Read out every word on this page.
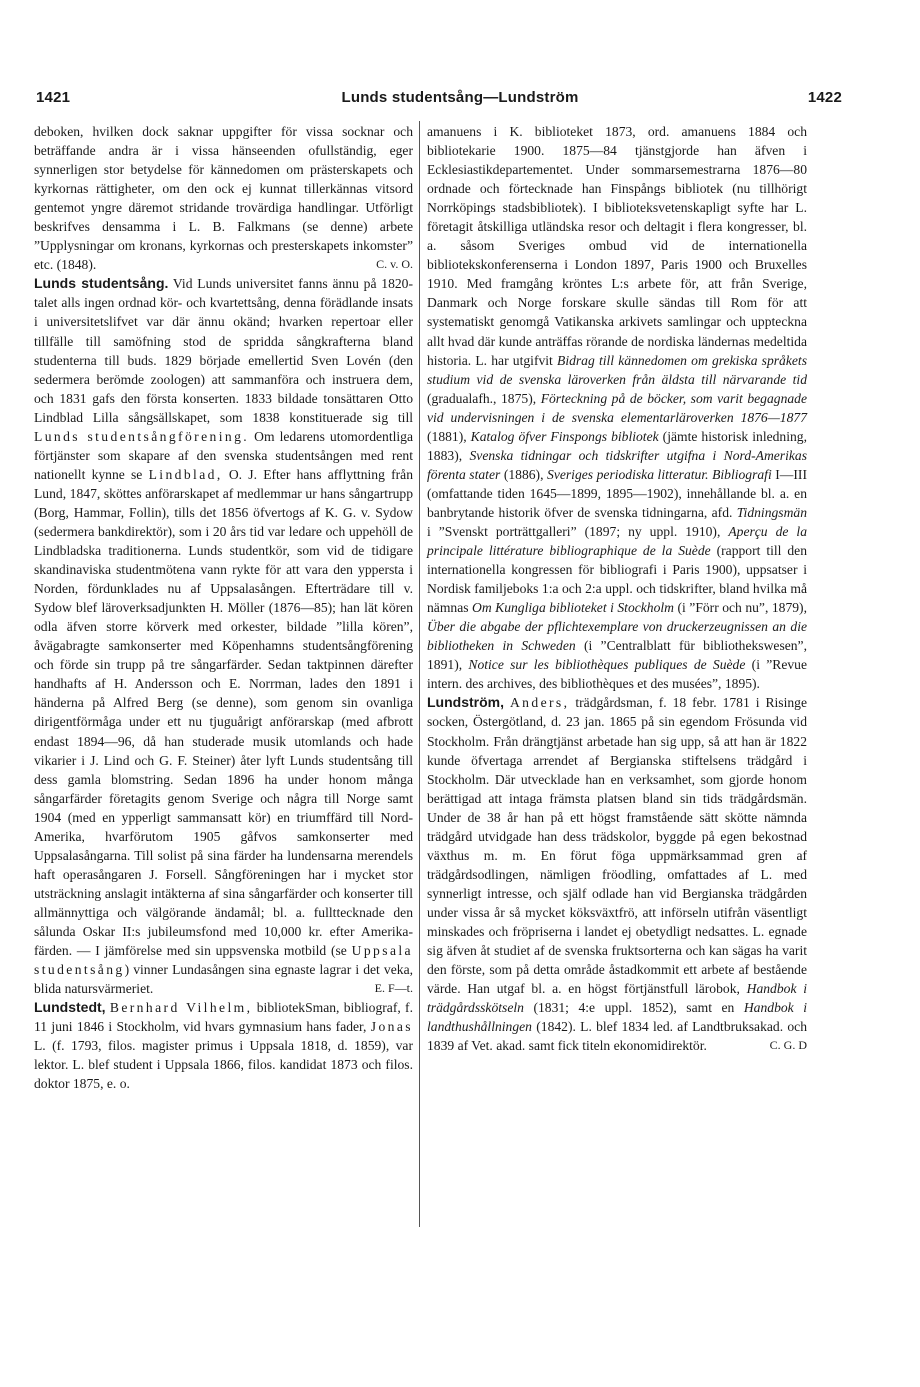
1421	Lunds studentsång—Lundström	1422

deboken, hvilken dock saknar uppgifter för vissa socknar och beträffande andra är i vissa hänseenden ofullständig, eger synnerligen stor betydelse för kännedomen om prästerskapets och kyrkornas rättigheter, om den ock ej kunnat tillerkännas vitsord gentemot yngre däremot stridande trovärdiga handlingar. Utförligt beskrifves densamma i L. B. Falkmans (se denne) arbete ”Upplysningar om kronans, kyrkornas och presterskapets inkomster” etc. (1848).	C. v. O.

Lunds studentsång. Vid Lunds universitet fanns ännu på 1820-talet alls ingen ordnad kör- och kvartettsång, denna förädlande insats i universitetslifvet var där ännu okänd; hvarken repertoar eller tillfälle till samöfning stod de spridda sångkrafterna bland studenterna till buds. 1829 började emellertid Sven Lovén (den sedermera berömde zoologen) att sammanföra och instruera dem, och 1831 gafs den första konserten. 1833 bildade tonsättaren Otto Lindblad Lilla sångsällskapet, som 1838 konstituerade sig till Lunds studentsångförening. Om ledarens utomordentliga förtjänster som skapare af den svenska studentsången med rent nationellt kynne se Lindblad, O. J. Efter hans afflyttning från Lund, 1847, sköttes anförarskapet af medlemmar ur hans sångartrupp (Borg, Hammar, Follin), tills det 1856 öfvertogs af K. G. v. Sydow (sedermera bankdirektör), som i 20 års tid var ledare och uppehöll de Lindbladska traditionerna. Lunds studentkör, som vid de tidigare skandinaviska studentmötena vann rykte för att vara den yppersta i Norden, fördunklades nu af Uppsalasången. Efterträdare till v. Sydow blef läroverksadjunkten H. Möller (1876—85); han lät kören odla äfven storre körverk med orkester, bildade ”lilla kören”, åvägabragte samkonserter med Köpenhamns studentsångförening och förde sin trupp på tre sångarfärder. Sedan taktpinnen därefter handhafts af H. Andersson och E. Norrman, lades den 1891 i händerna på Alfred Berg (se denne), som genom sin ovanliga dirigentförmåga under ett nu tjuguårigt anförarskap (med afbrott endast 1894—96, då han studerade musik utomlands och hade vikarier i J. Lind och G. F. Steiner) åter lyft Lunds studentsång till dess gamla blomstring. Sedan 1896 ha under honom många sångarfärder företagits genom Sverige och några till Norge samt 1904 (med en ypperligt sammansatt kör) en triumffärd till Nord-Amerika, hvarförutom 1905 gåfvos samkonserter med Uppsalasångarna. Till solist på sina färder ha lundensarna merendels haft operasångaren J. Forsell. Sångföreningen har i mycket stor utsträckning anslagit intäkterna af sina sångarfärder och konserter till allmännyttiga och välgörande ändamål; bl. a. fullttecknade den sålunda Oskar II:s jubileumsfond med 10,000 kr. efter Amerika-färden. — I jämförelse med sin uppsvenska motbild (se Uppsala studentsång) vinner Lundasången sina egnaste lagrar i det veka, blida natursvärmeriet.	E. F—t.

Lundstedt, Bernhard Vilhelm, bibliotekSman, bibliograf, f. 11 juni 1846 i Stockholm, vid hvars gymnasium hans fader, Jonas L. (f. 1793, filos. magister primus i Uppsala 1818, d. 1859), var lektor. L. blef student i Uppsala 1866, filos. kandidat 1873 och filos. doktor 1875, e. o.

amanuens i K. biblioteket 1873, ord. amanuens 1884 och bibliotekarie 1900. 1875—84 tjänstgjorde han äfven i Ecklesiastikdepartementet. Under sommarsemestrarna 1876—80 ordnade och förtecknade han Finspångs bibliotek (nu tillhörigt Norrköpings stadsbibliotek). I biblioteksvetenskapligt syfte har L. företagit åtskilliga utländska resor och deltagit i flera kongresser, bl. a. såsom Sveriges ombud vid de internationella bibliotekskonferenserna i London 1897, Paris 1900 och Bruxelles 1910. Med framgång kröntes L:s arbete för, att från Sverige, Danmark och Norge forskare skulle sändas till Rom för att systematiskt genomgå Vatikanska arkivets samlingar och uppteckna allt hvad där kunde anträffas rörande de nordiska ländernas medeltida historia. L. har utgifvit Bidrag till kännedomen om grekiska språkets studium vid de svenska läroverken från äldsta till närvarande tid (gradualafh., 1875), Förteckning på de böcker, som varit begagnade vid undervisningen i de svenska elementarläroverken 1876—1877 (1881), Katalog öfver Finspongs bibliotek (jämte historisk inledning, 1883), Svenska tidningar och tidskrifter utgifna i Nord-Amerikas förenta stater (1886), Sveriges periodiska litteratur. Bibliografi I—III (omfattande tiden 1645—1899, 1895—1902), innehållande bl. a. en banbrytande historik öfver de svenska tidningarna, afd. Tidningsmän i ”Svenskt porträttgalleri” (1897; ny uppl. 1910), Aperçu de la principale littérature bibliographique de la Suède (rapport till den internationella kongressen för bibliografi i Paris 1900), uppsatser i Nordisk familjeboks 1:a och 2:a uppl. och tidskrifter, bland hvilka må nämnas Om Kungliga biblioteket i Stockholm (i ”Förr och nu”, 1879), Über die abgabe der pflichtexemplare von druckerzeugnissen an die bibliotheken in Schweden (i ”Centralblatt für bibliothekswesen”, 1891), Notice sur les bibliothèques publiques de Suède (i ”Revue intern. des archives, des bibliothèques et des musées”, 1895).

Lundström, Anders, trädgårdsman, f. 18 febr. 1781 i Risinge socken, Östergötland, d. 23 jan. 1865 på sin egendom Frösunda vid Stockholm. Från drängtjänst arbetade han sig upp, så att han är 1822 kunde öfvertaga arrendet af Bergianska stiftelsens trädgård i Stockholm. Där utvecklade han en verksamhet, som gjorde honom berättigad att intaga främsta platsen bland sin tids trädgårdsmän. Under de 38 år han på ett högst framstående sätt skötte nämnda trädgård utvidgade han dess trädskolor, byggde på egen bekostnad växthus m. m. En förut föga uppmärksammad gren af trädgårdsodlingen, nämligen fröodling, omfattades af L. med synnerligt intresse, och själf odlade han vid Bergianska trädgården under vissa år så mycket köksväxtfrö, att införseln utifrån väsentligt minskades och fröpriserna i landet ej obetydligt nedsattes. L. egnade sig äfven åt studiet af de svenska fruktsorterna och kan sägas ha varit den förste, som på detta område åstadkommit ett arbete af bestående värde. Han utgaf bl. a. en högst förtjänstfull lärobok, Handbok i trädgårdsskötseln (1831; 4:e uppl. 1852), samt en Handbok i landthushållningen (1842). L. blef 1834 led. af Landtbruksakad. och 1839 af Vet. akad. samt fick titeln ekonomidirektör.	C. G. D
